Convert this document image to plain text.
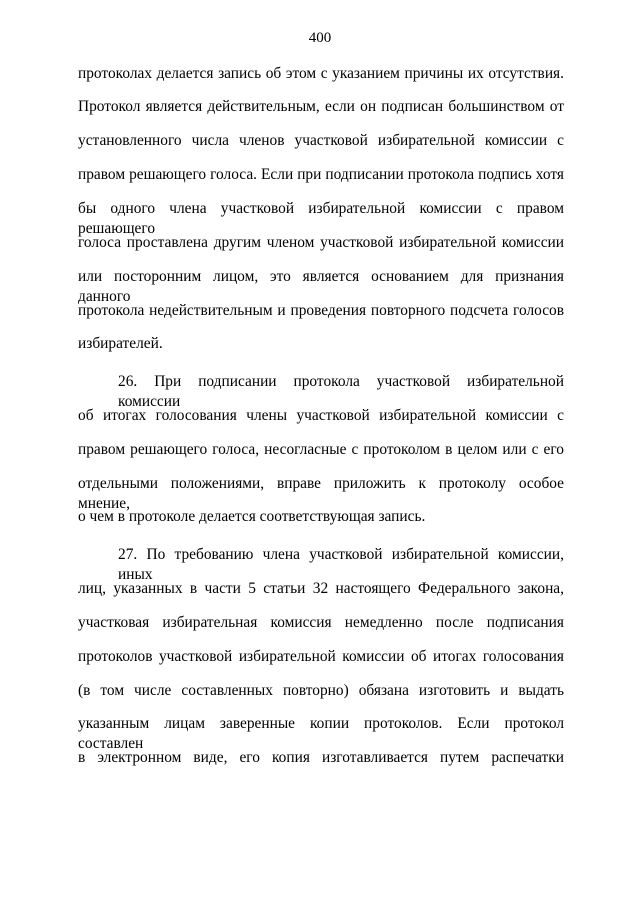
400
протоколах делается запись об этом с указанием причины их отсутствия.
Протокол является действительным, если он подписан большинством от
установленного числа членов участковой избирательной комиссии с
правом решающего голоса. Если при подписании протокола подпись хотя
бы одного члена участковой избирательной комиссии с правом решающего
голоса проставлена другим членом участковой избирательной комиссии
или посторонним лицом, это является основанием для признания данного
протокола недействительным и проведения повторного подсчета голосов
избирателей.
26. При подписании протокола участковой избирательной комиссии
об итогах голосования члены участковой избирательной комиссии с
правом решающего голоса, несогласные с протоколом в целом или с его
отдельными положениями, вправе приложить к протоколу особое мнение,
о чем в протоколе делается соответствующая запись.
27. По требованию члена участковой избирательной комиссии, иных
лиц, указанных в части 5 статьи 32 настоящего Федерального закона,
участковая избирательная комиссия немедленно после подписания
протоколов участковой избирательной комиссии об итогах голосования
(в том числе составленных повторно) обязана изготовить и выдать
указанным лицам заверенные копии протоколов. Если протокол составлен
в электронном виде, его копия изготавливается путем распечатки
